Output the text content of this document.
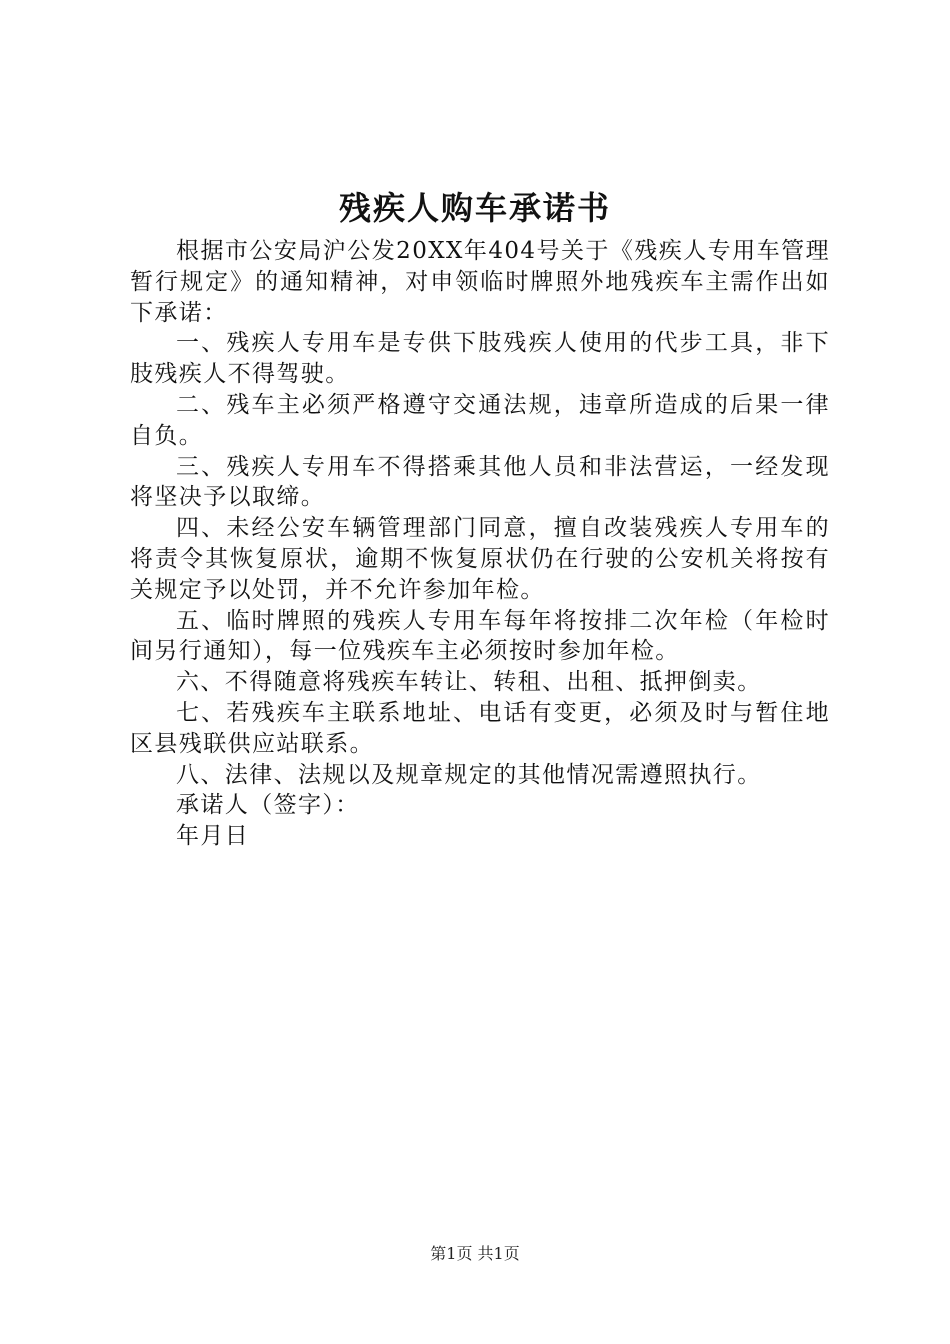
残疾人购车承诺书

根据市公安局沪公发20XX年404号关于《残疾人专用车管理暂行规定》的通知精神，对申领临时牌照外地残疾车主需作出如下承诺：

一、残疾人专用车是专供下肢残疾人使用的代步工具，非下肢残疾人不得驾驶。

二、残车主必须严格遵守交通法规，违章所造成的后果一律自负。

三、残疾人专用车不得搭乘其他人员和非法营运，一经发现将坚决予以取缔。

四、未经公安车辆管理部门同意，擅自改装残疾人专用车的将责令其恢复原状，逾期不恢复原状仍在行驶的公安机关将按有关规定予以处罚，并不允许参加年检。

五、临时牌照的残疾人专用车每年将按排二次年检（年检时间另行通知），每一位残疾车主必须按时参加年检。

六、不得随意将残疾车转让、转租、出租、抵押倒卖。

七、若残疾车主联系地址、电话有变更，必须及时与暂住地区县残联供应站联系。

八、法律、法规以及规章规定的其他情况需遵照执行。

承诺人（签字）：

年月日

第1页 共1页
